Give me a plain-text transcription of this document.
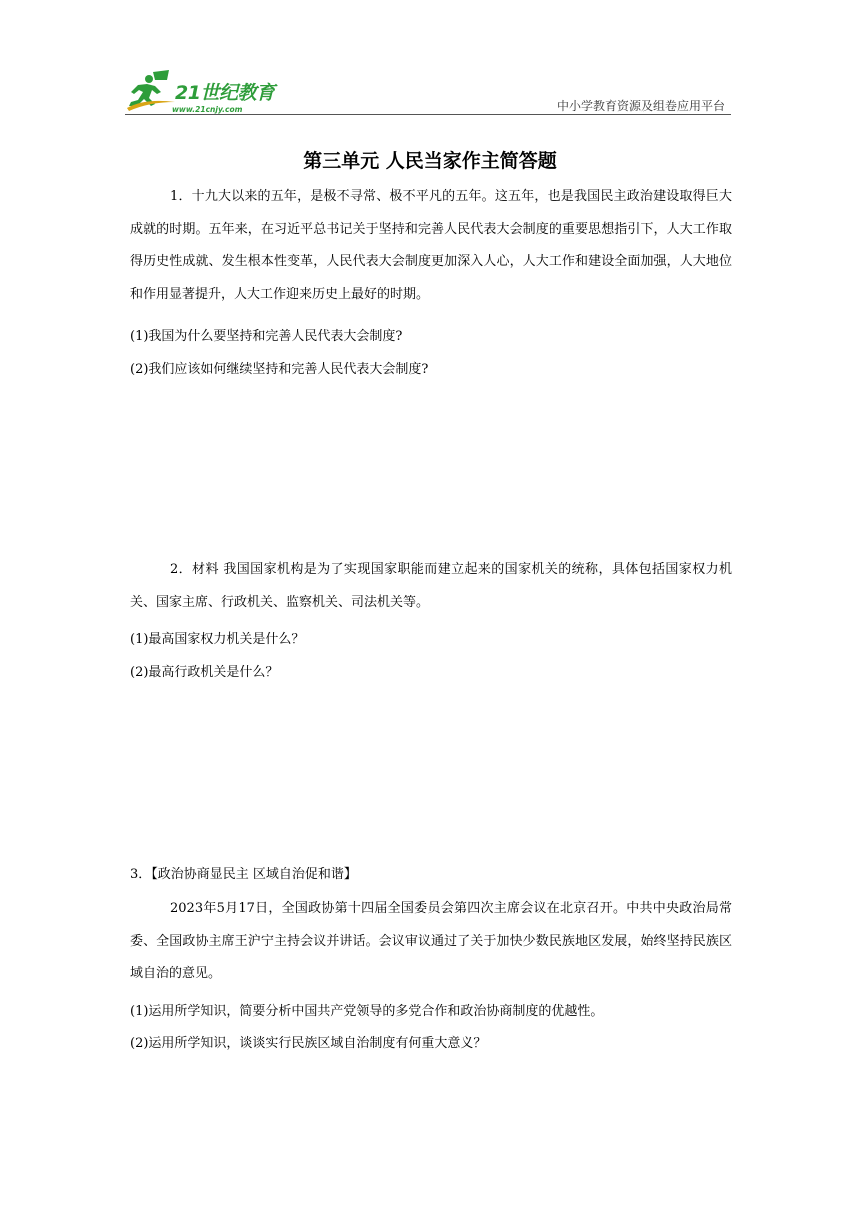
21世纪教育
www.21cnjy.com	中小学教育资源及组卷应用平台
第三单元 人民当家作主简答题
1．十九大以来的五年，是极不寻常、极不平凡的五年。这五年，也是我国民主政治建设取得巨大成就的时期。五年来，在习近平总书记关于坚持和完善人民代表大会制度的重要思想指引下，人大工作取得历史性成就、发生根本性变革，人民代表大会制度更加深入人心，人大工作和建设全面加强，人大地位和作用显著提升，人大工作迎来历史上最好的时期。
(1)我国为什么要坚持和完善人民代表大会制度?
(2)我们应该如何继续坚持和完善人民代表大会制度?
2．材料 我国国家机构是为了实现国家职能而建立起来的国家机关的统称，具体包括国家权力机关、国家主席、行政机关、监察机关、司法机关等。
(1)最高国家权力机关是什么？
(2)最高行政机关是什么？
3．【政治协商显民主 区域自治促和谐】
2023年5月17日，全国政协第十四届全国委员会第四次主席会议在北京召开。中共中央政治局常委、全国政协主席王沪宁主持会议并讲话。会议审议通过了关于加快少数民族地区发展，始终坚持民族区域自治的意见。
(1)运用所学知识，简要分析中国共产党领导的多党合作和政治协商制度的优越性。
(2)运用所学知识，谈谈实行民族区域自治制度有何重大意义？
